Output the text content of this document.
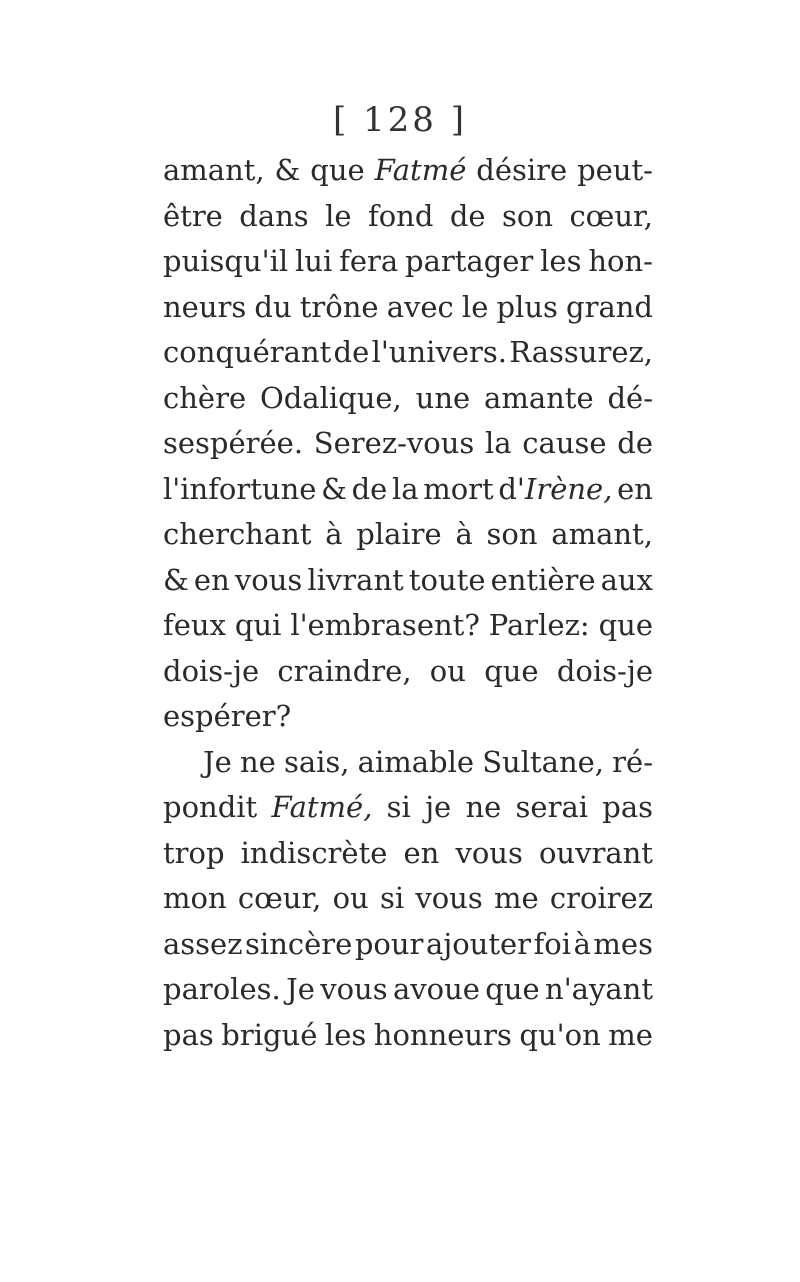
[ 128 ]
amant, & que Fatmé désire peut-
être dans le fond de son cœur,
puisqu'il lui fera partager les hon-
neurs du trône avec le plus grand
conquérant de l'univers. Rassurez,
chère Odalique, une amante dé-
sespérée. Serez-vous la cause de
l'infortune & de la mort d'Irène, en
cherchant à plaire à son amant,
& en vous livrant toute entière aux
feux qui l'embrasent? Parlez: que
dois-je craindre, ou que dois-je
espérer?
Je ne sais, aimable Sultane, ré-
pondit Fatmé, si je ne serai pas
trop indiscrète en vous ouvrant
mon cœur, ou si vous me croirez
assez sincère pour ajouter foi à mes
paroles. Je vous avoue que n'ayant
pas brigué les honneurs qu'on me
